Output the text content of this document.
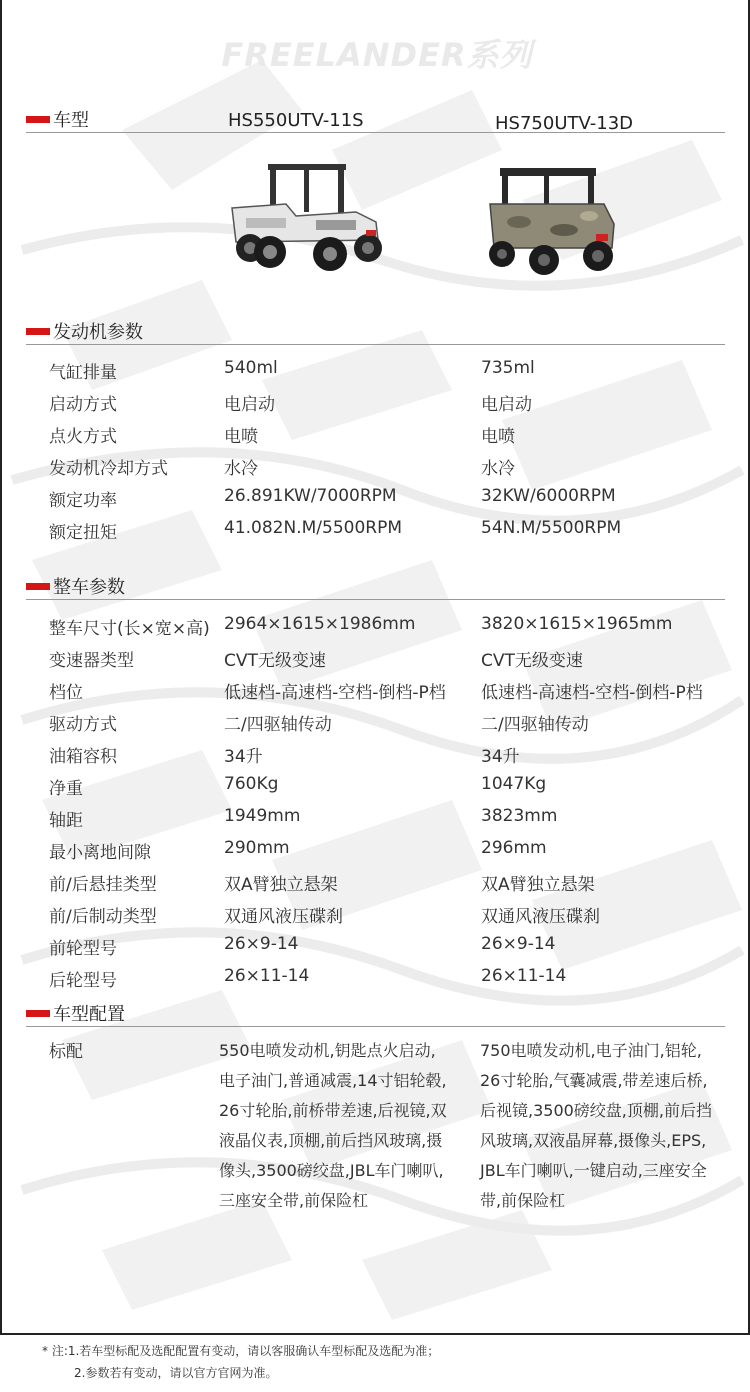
FREELANDER系列
车型	HS550UTV-11S	HS750UTV-13D
发动机参数
气缸排量	540ml	735ml
启动方式	电启动	电启动
点火方式	电喷	电喷
发动机冷却方式	水冷	水冷
额定功率	26.891KW/7000RPM	32KW/6000RPM
额定扭矩	41.082N.M/5500RPM	54N.M/5500RPM
整车参数
整车尺寸(长×宽×高) 2964×1615×1986mm	3820×1615×1965mm
变速器类型	CVT无级变速	CVT无级变速
档位	低速档-高速档-空档-倒档-P档 低速档-高速档-空档-倒档-P档
驱动方式	二/四驱轴传动	二/四驱轴传动
油箱容积	34升	34升
净重	760Kg	1047Kg
轴距	1949mm	3823mm
最小离地间隙	290mm	296mm
前/后悬挂类型	双A臂独立悬架	双A臂独立悬架
前/后制动类型	双通风液压碟刹	双通风液压碟刹
前轮型号	26×9-14	26×9-14
后轮型号	26×11-14	26×11-14
车型配置
标配	550电喷发动机,钥匙点火启动,
电子油门,普通减震,14寸铝轮毂,
26寸轮胎,前桥带差速,后视镜,双
液晶仪表,顶棚,前后挡风玻璃,摄
像头,3500磅绞盘,JBL车门喇叭,
三座安全带,前保险杠
750电喷发动机,电子油门,铝轮,
26寸轮胎,气囊减震,带差速后桥,
后视镜,3500磅绞盘,顶棚,前后挡
风玻璃,双液晶屏幕,摄像头,EPS,
JBL车门喇叭,一键启动,三座安全
带,前保险杠
* 注:1.若车型标配及选配配置有变动，请以客服确认车型标配及选配为准；
2.参数若有变动，请以官方官网为准。
